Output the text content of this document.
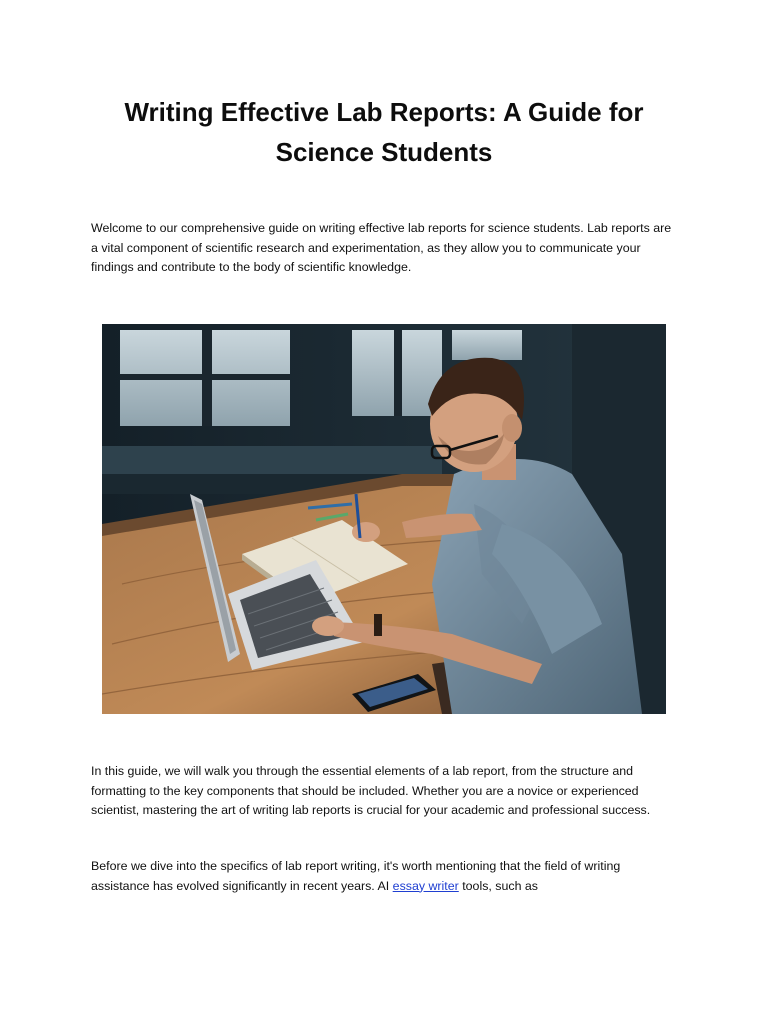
Writing Effective Lab Reports: A Guide for Science Students

Welcome to our comprehensive guide on writing effective lab reports for science students. Lab reports are a vital component of scientific research and experimentation, as they allow you to communicate your findings and contribute to the body of scientific knowledge.

In this guide, we will walk you through the essential elements of a lab report, from the structure and formatting to the key components that should be included. Whether you are a novice or experienced scientist, mastering the art of writing lab reports is crucial for your academic and professional success.

Before we dive into the specifics of lab report writing, it's worth mentioning that the field of writing assistance has evolved significantly in recent years. AI essay writer tools, such as
